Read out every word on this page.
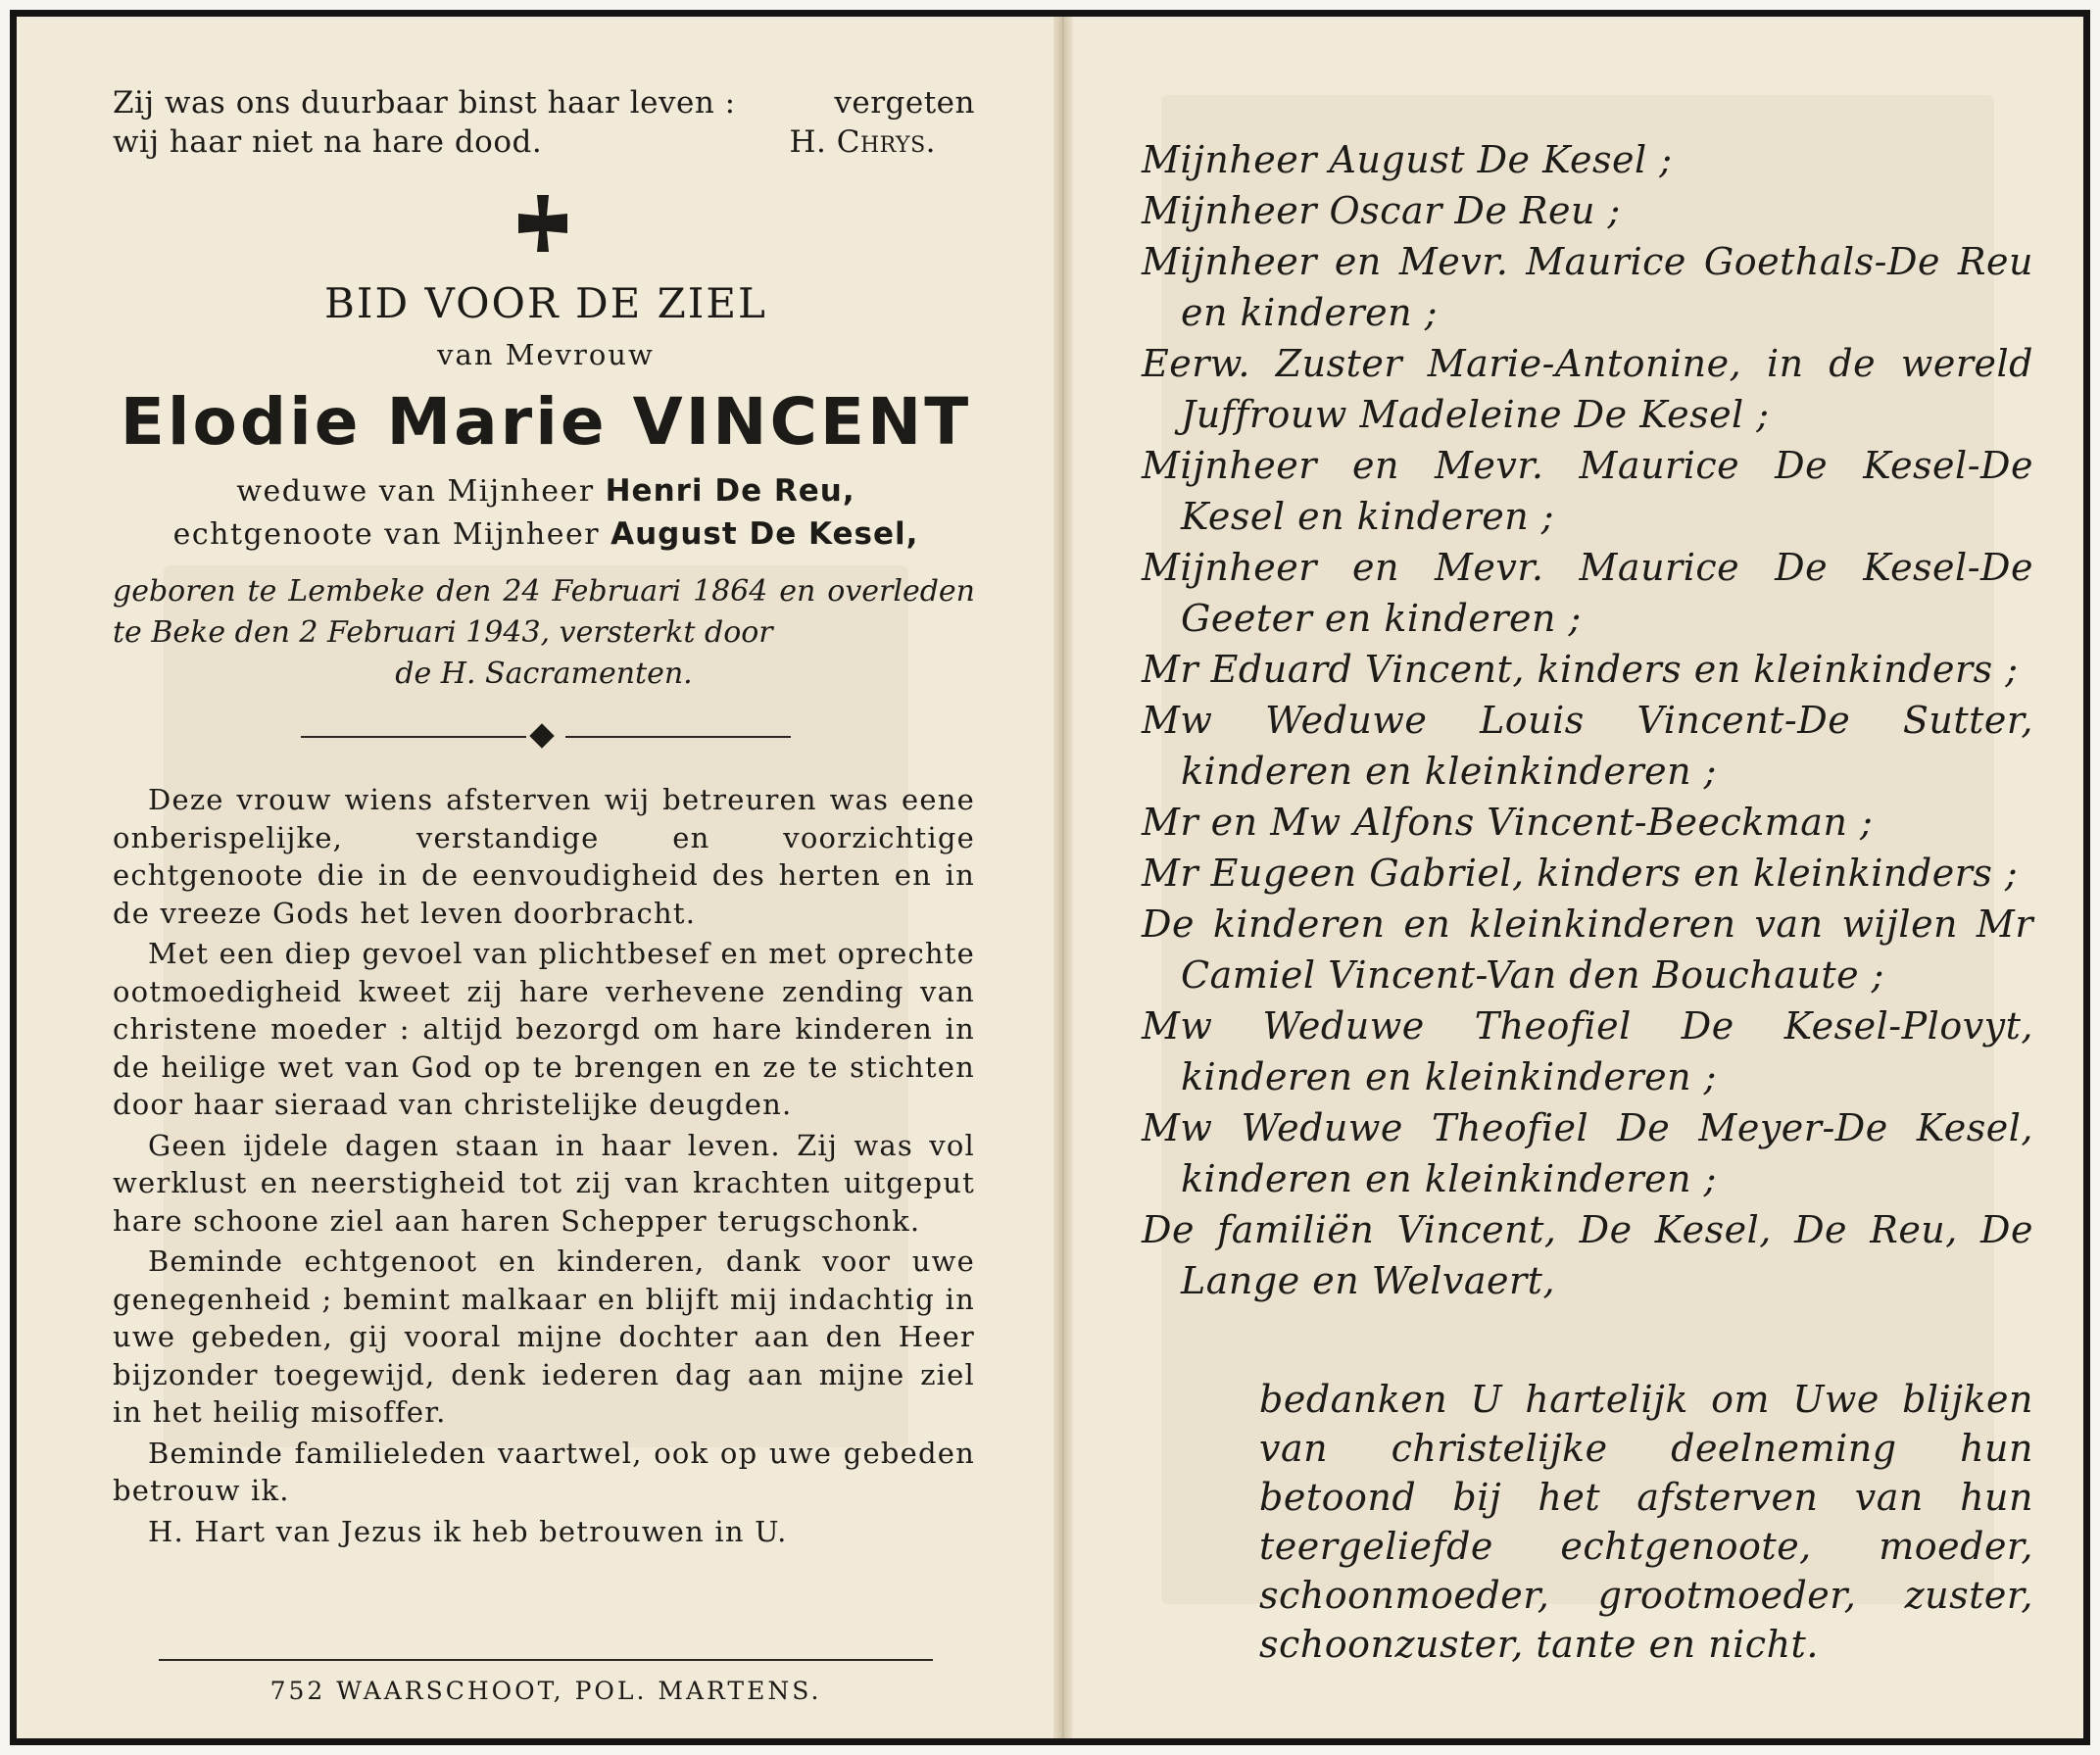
Zij was ons duurbaar binst haar leven :	vergeten
wij haar niet na hare dood.	H. Chrys.
BID VOOR DE ZIEL
van Mevrouw
Elodie Marie VINCENT
weduwe van Mijnheer Henri De Reu,
echtgenoote van Mijnheer August De Kesel,
geboren te Lembeke den 24 Februari 1864 en overleden te Beke den 2 Februari 1943, versterkt door
de H. Sacramenten.

Deze vrouw wiens afsterven wij betreuren was eene onberispelijke, verstandige en voorzichtige echtgenoote die in de eenvoudigheid des herten en in de vreeze Gods het leven doorbracht.

Met een diep gevoel van plichtbesef en met oprechte ootmoedigheid kweet zij hare verhevene zending van christene moeder : altijd bezorgd om hare kinderen in de heilige wet van God op te brengen en ze te stichten door haar sieraad van christelijke deugden.

Geen ijdele dagen staan in haar leven. Zij was vol werklust en neerstigheid tot zij van krachten uitgeput hare schoone ziel aan haren Schepper terugschonk.

Beminde echtgenoot en kinderen, dank voor uwe genegenheid ; bemint malkaar en blijft mij indachtig in uwe gebeden, gij vooral mijne dochter aan den Heer bijzonder toegewijd, denk iederen dag aan mijne ziel in het heilig misoffer.

Beminde familieleden vaartwel, ook op uwe gebeden betrouw ik.

H. Hart van Jezus ik heb betrouwen in U.

752 WAARSCHOOT, POL. MARTENS.
Mijnheer August De Kesel ;
Mijnheer Oscar De Reu ;
Mijnheer en Mevr. Maurice Goethals-De Reu en kinderen ;
Eerw. Zuster Marie-Antonine, in de wereld Juffrouw Madeleine De Kesel ;
Mijnheer en Mevr. Maurice De Kesel-De Kesel en kinderen ;
Mijnheer en Mevr. Maurice De Kesel-De Geeter en kinderen ;
Mr Eduard Vincent, kinders en kleinkinders ;
Mw Weduwe Louis Vincent-De Sutter, kinderen en kleinkinderen ;
Mr en Mw Alfons Vincent-Beeckman ;
Mr Eugeen Gabriel, kinders en kleinkinders ;
De kinderen en kleinkinderen van wijlen Mr Camiel Vincent-Van den Bouchaute ;
Mw Weduwe Theofiel De Kesel-Plovyt, kinderen en kleinkinderen ;
Mw Weduwe Theofiel De Meyer-De Kesel, kinderen en kleinkinderen ;
De familiën Vincent, De Kesel, De Reu, De Lange en Welvaert,
bedanken U hartelijk om Uwe blijken van christelijke deelneming hun betoond bij het afsterven van hun teergeliefde echtgenoote, moeder, schoonmoeder, grootmoeder, zuster, schoonzuster, tante en nicht.
